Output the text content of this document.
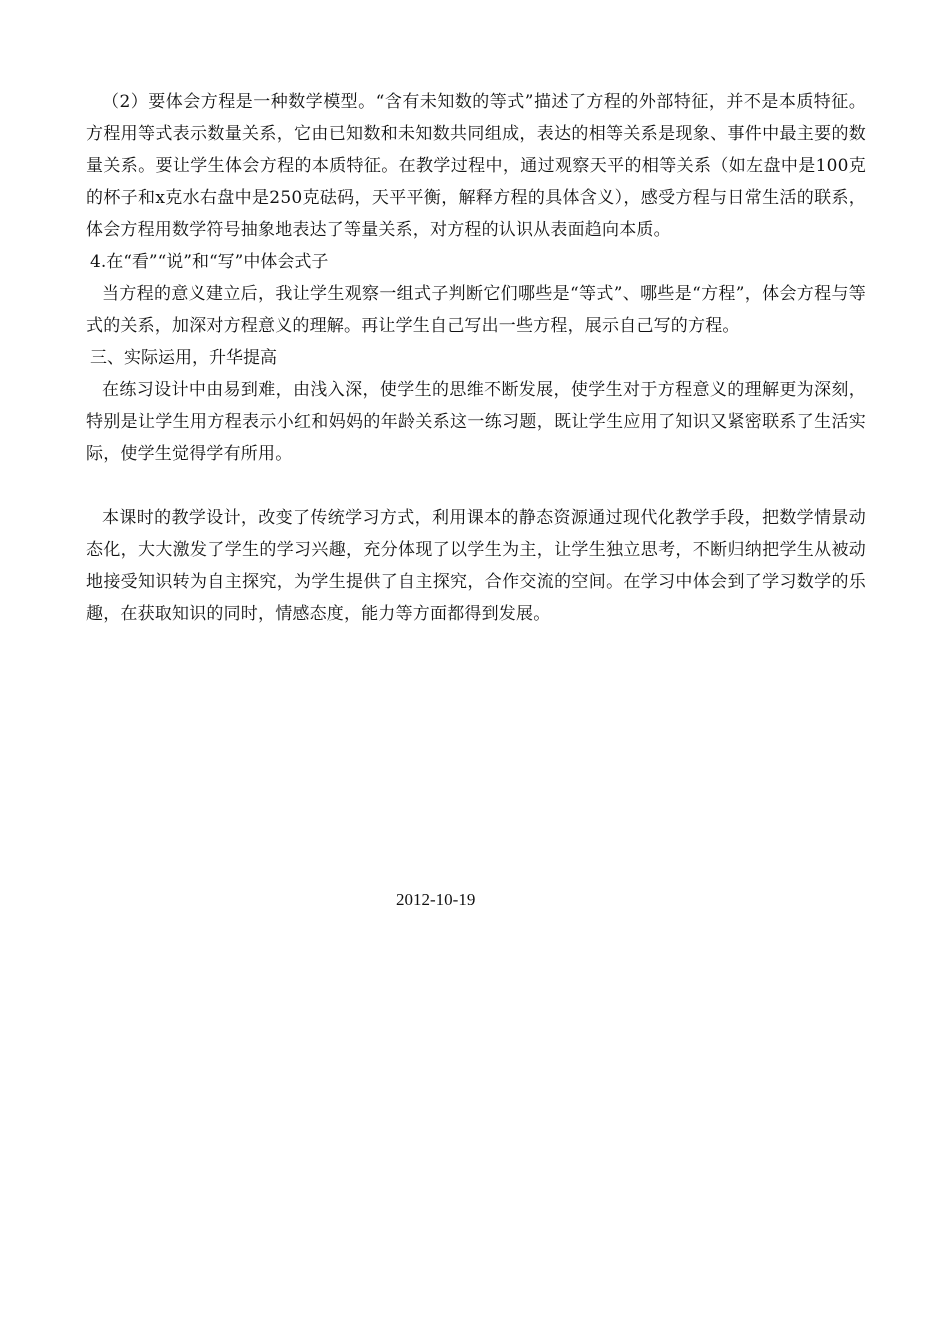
（2）要体会方程是一种数学模型。“含有未知数的等式”描述了方程的外部特征，并不是本质特征。方程用等式表示数量关系，它由已知数和未知数共同组成，表达的相等关系是现象、事件中最主要的数量关系。要让学生体会方程的本质特征。在教学过程中，通过观察天平的相等关系（如左盘中是100克的杯子和x克水右盘中是250克砝码，天平平衡，解释方程的具体含义），感受方程与日常生活的联系，体会方程用数学符号抽象地表达了等量关系，对方程的认识从表面趋向本质。

4.在“看”“说”和“写”中体会式子

当方程的意义建立后，我让学生观察一组式子判断它们哪些是“等式”、哪些是“方程”，体会方程与等式的关系，加深对方程意义的理解。再让学生自己写出一些方程，展示自己写的方程。

三、实际运用，升华提高

在练习设计中由易到难，由浅入深，使学生的思维不断发展，使学生对于方程意义的理解更为深刻，特别是让学生用方程表示小红和妈妈的年龄关系这一练习题，既让学生应用了知识又紧密联系了生活实际，使学生觉得学有所用。

本课时的教学设计，改变了传统学习方式，利用课本的静态资源通过现代化教学手段，把数学情景动态化，大大激发了学生的学习兴趣，充分体现了以学生为主，让学生独立思考，不断归纳把学生从被动地接受知识转为自主探究，为学生提供了自主探究，合作交流的空间。在学习中体会到了学习数学的乐趣，在获取知识的同时，情感态度，能力等方面都得到发展。

2012-10-19
